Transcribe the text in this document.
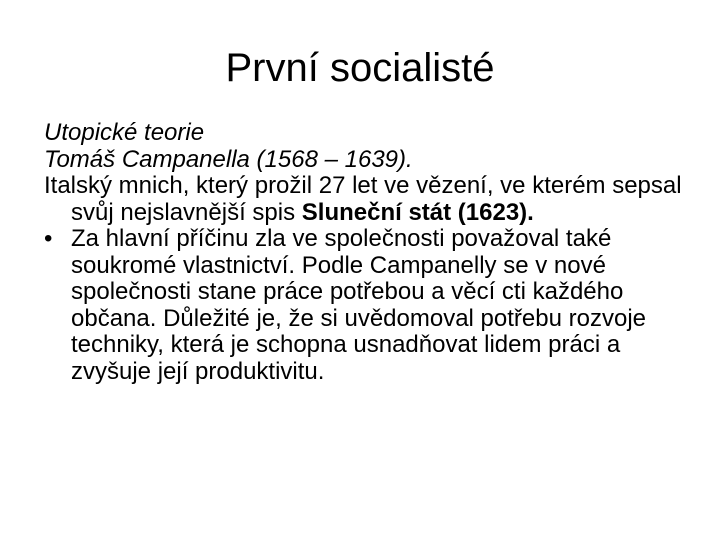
První socialisté

Utopické teorie

Tomáš Campanella (1568 – 1639).

Italský mnich, který prožil 27 let ve vězení, ve kterém sepsal svůj nejslavnější spis Sluneční stát (1623).

• Za hlavní příčinu zla ve společnosti považoval také soukromé vlastnictví. Podle Campanelly se v nové společnosti stane práce potřebou a věcí cti každého občana. Důležité je, že si uvědomoval potřebu rozvoje techniky, která je schopna usnadňovat lidem práci a zvyšuje její produktivitu.
